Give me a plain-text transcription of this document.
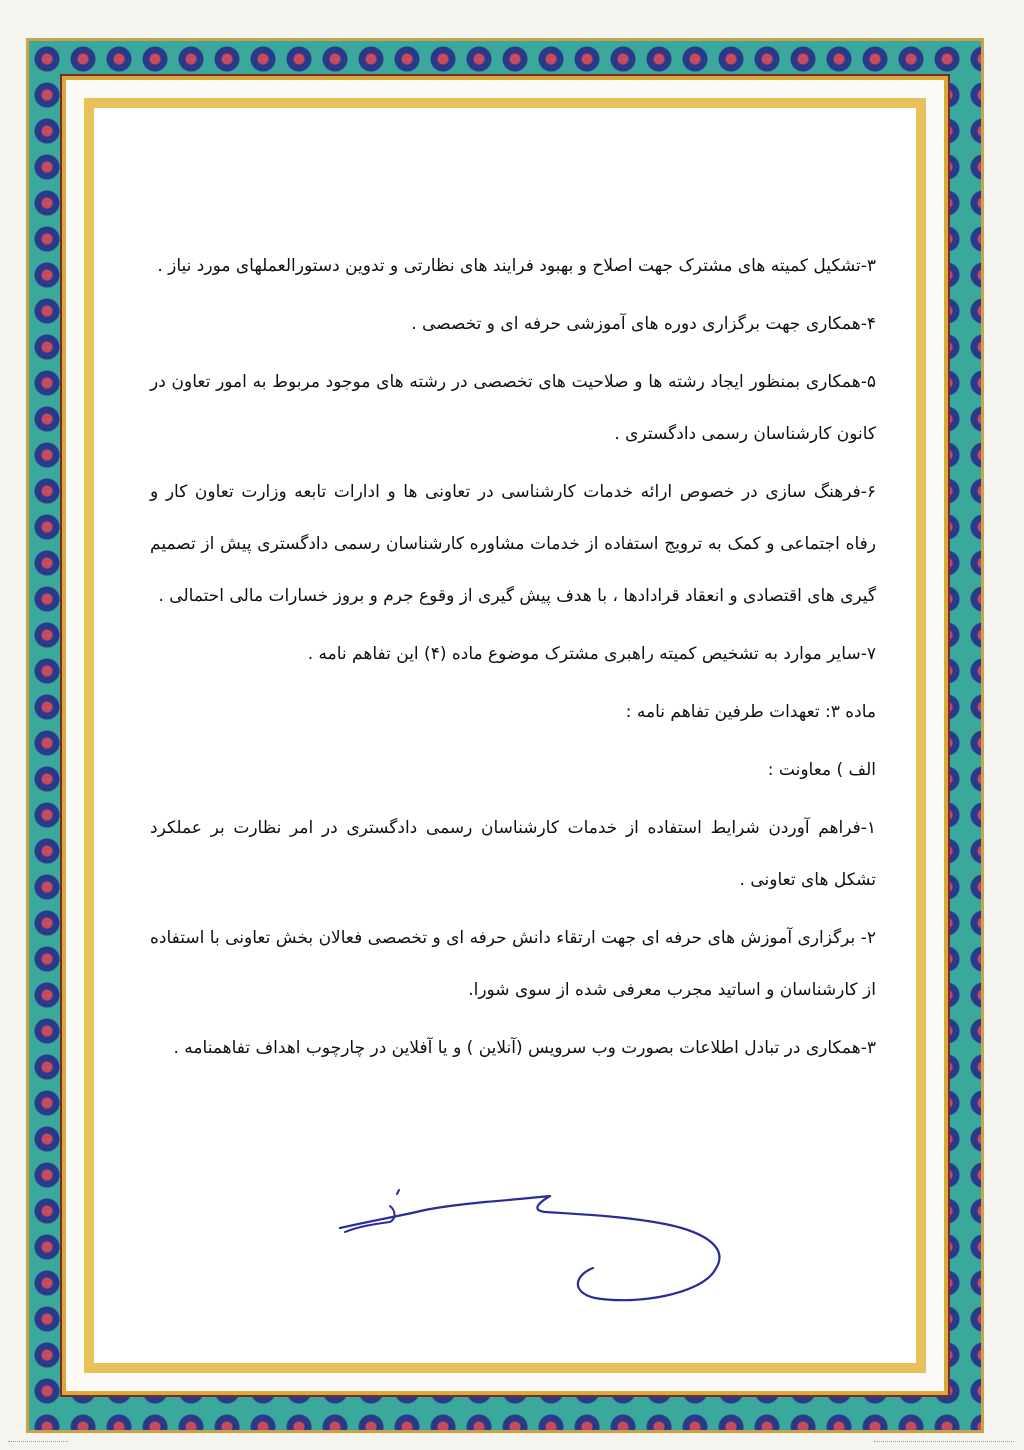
۳-تشکیل کمیته های مشترک جهت اصلاح و بهبود فرایند های نظارتی و تدوین دستورالعملهای مورد نیاز .

۴-همکاری جهت برگزاری دوره های آموزشی حرفه ای و تخصصی .

۵-همکاری بمنظور ایجاد رشته ها و صلاحیت های تخصصی در رشته های موجود مربوط به امور تعاون در کانون کارشناسان رسمی دادگستری .

۶-فرهنگ سازی در خصوص ارائه خدمات کارشناسی در تعاونی ها و ادارات تابعه وزارت تعاون کار و رفاه اجتماعی و کمک به ترویج استفاده از خدمات مشاوره کارشناسان رسمی دادگستری پیش از تصمیم گیری های اقتصادی و انعقاد قرادادها ، با هدف پیش گیری از وقوع جرم و بروز خسارات مالی احتمالی .

۷-سایر موارد به تشخیص کمیته راهبری مشترک موضوع ماده (۴) این تفاهم نامه .

ماده ۳: تعهدات طرفین تفاهم نامه :

الف ) معاونت :

۱-فراهم آوردن شرایط استفاده از خدمات کارشناسان رسمی دادگستری در امر نظارت بر عملکرد تشکل های تعاونی .

۲- برگزاری آموزش های حرفه ای جهت ارتقاء دانش حرفه ای و تخصصی فعالان بخش تعاونی با استفاده از کارشناسان و اساتید مجرب معرفی شده از سوی شورا.

۳-همکاری در تبادل اطلاعات بصورت وب سرویس (آنلاین ) و یا آفلاین در چارچوب اهداف تفاهمنامه .
